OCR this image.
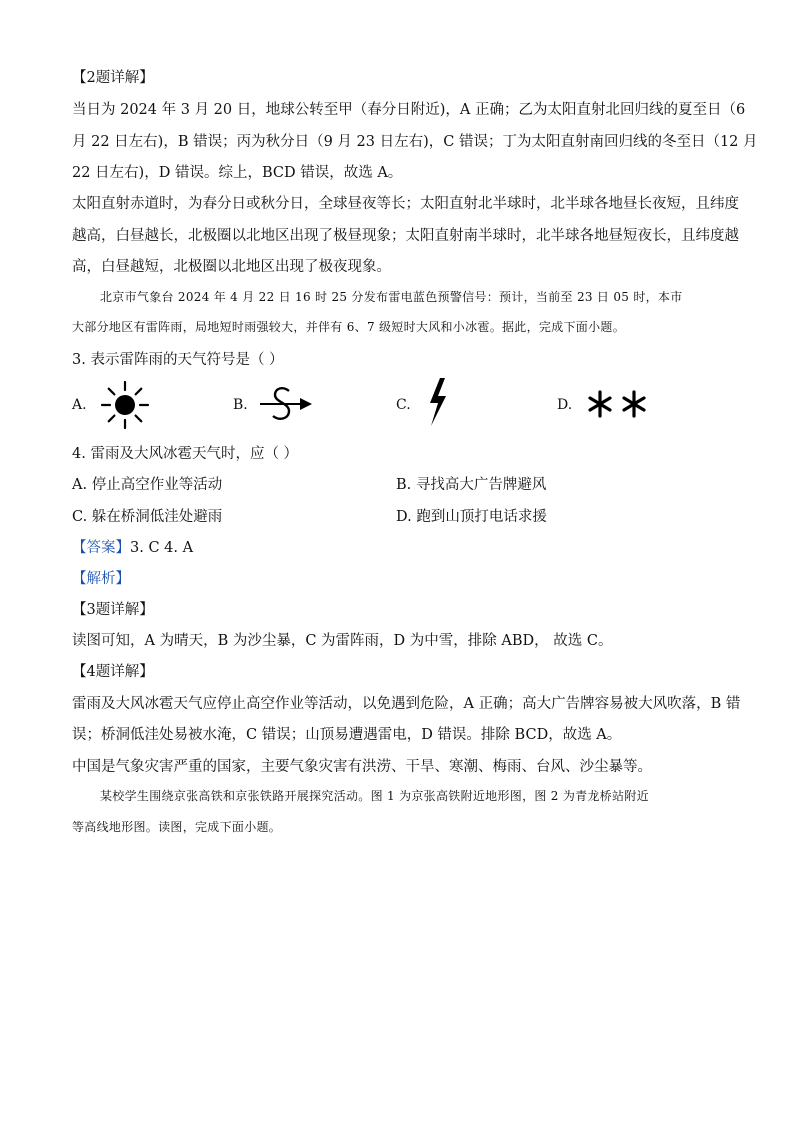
【2题详解】
当日为 2024 年 3 月 20 日，地球公转至甲（春分日附近)，A 正确；乙为太阳直射北回归线的夏至日（6
月 22 日左右)，B 错误；丙为秋分日（9 月 23 日左右)，C 错误；丁为太阳直射南回归线的冬至日（12 月
22 日左右)，D 错误。综上，BCD 错误，故选 A。
太阳直射赤道时，为春分日或秋分日，全球昼夜等长；太阳直射北半球时，北半球各地昼长夜短，且纬度
越高，白昼越长，北极圈以北地区出现了极昼现象；太阳直射南半球时，北半球各地昼短夜长，且纬度越
高，白昼越短，北极圈以北地区出现了极夜现象。
北京市气象台 2024 年 4 月 22 日 16 时 25 分发布雷电蓝色预警信号：预计，当前至 23 日 05 时，本市
大部分地区有雷阵雨，局地短时雨强较大，并伴有 6、7 级短时大风和小冰雹。据此，完成下面小题。
3. 表示雷阵雨的天气符号是（ ）
A.	B.	C.	D.
4. 雷雨及大风冰雹天气时，应（ ）
A. 停止高空作业等活动	B. 寻找高大广告牌避风
C. 躲在桥洞低洼处避雨	D. 跑到山顶打电话求援
【答案】3. C 4. A
【解析】
【3题详解】
读图可知，A 为晴天，B 为沙尘暴，C 为雷阵雨，D 为中雪，排除 ABD， 故选 C。
【4题详解】
雷雨及大风冰雹天气应停止高空作业等活动，以免遇到危险，A 正确；高大广告牌容易被大风吹落，B 错
误；桥洞低洼处易被水淹，C 错误；山顶易遭遇雷电，D 错误。排除 BCD，故选 A。
中国是气象灾害严重的国家，主要气象灾害有洪涝、干旱、寒潮、梅雨、台风、沙尘暴等。
某校学生围绕京张高铁和京张铁路开展探究活动。图 1 为京张高铁附近地形图，图 2 为青龙桥站附近
等高线地形图。读图，完成下面小题。
